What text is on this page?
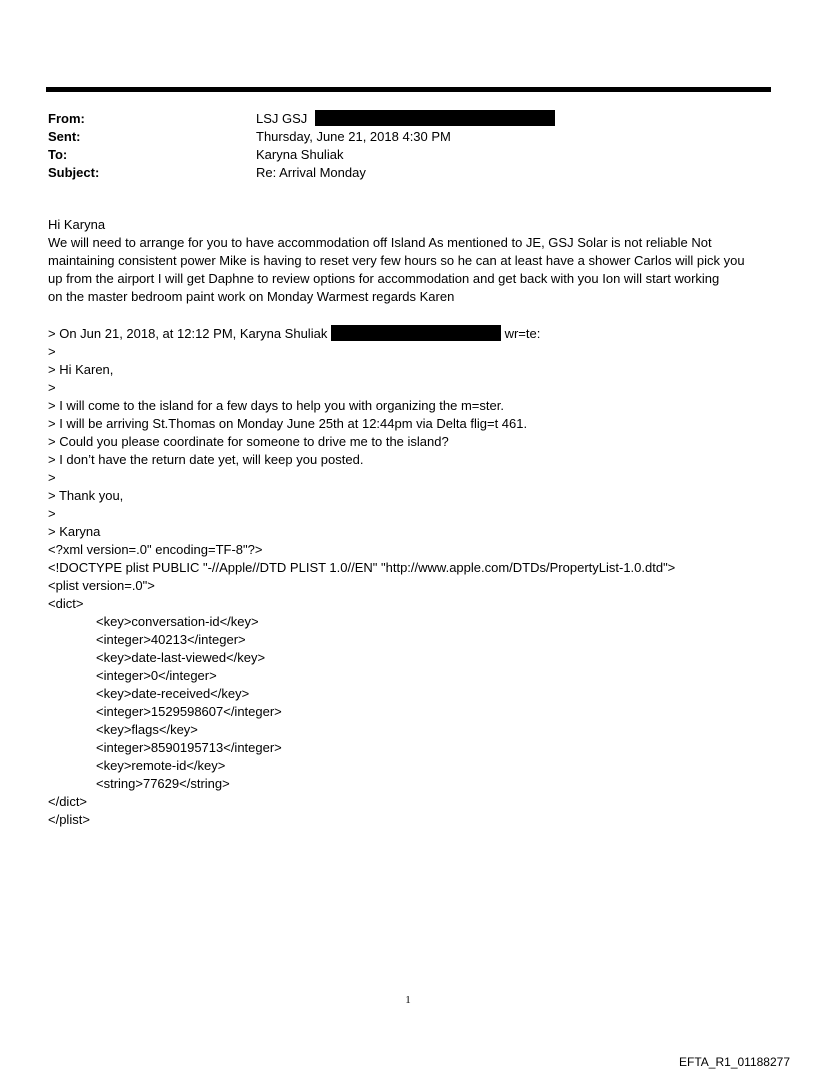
From:	LSJ GSJ
Sent:	Thursday, June 21, 2018 4:30 PM
To:	Karyna Shuliak
Subject:	Re: Arrival Monday
Hi Karyna
We will need to arrange for you to have accommodation off Island As mentioned to JE, GSJ Solar is not reliable Not
maintaining consistent power Mike is having to reset very few hours so he can at least have a shower Carlos will pick you
up from the airport I will get Daphne to review options for accommodation and get back with you Ion will start working
on the master bedroom paint work on Monday Warmest regards Karen
> On Jun 21, 2018, at 12:12 PM, Karyna Shuliak	wr=te:
>
> Hi Karen,
>
> I will come to the island for a few days to help you with organizing the m=ster.
> I will be arriving St.Thomas on Monday June 25th at 12:44pm via Delta flig=t 461.
> Could you please coordinate for someone to drive me to the island?
> I don’t have the return date yet, will keep you posted.
>
> Thank you,
>
> Karyna
<?xml version=.0" encoding=TF-8"?>
<!DOCTYPE plist PUBLIC "-//Apple//DTD PLIST 1.0//EN" "http://www.apple.com/DTDs/PropertyList-1.0.dtd">
<plist version=.0">
<dict>
<key>conversation-id</key>
<integer>40213</integer>
<key>date-last-viewed</key>
<integer>0</integer>
<key>date-received</key>
<integer>1529598607</integer>
<key>flags</key>
<integer>8590195713</integer>
<key>remote-id</key>
<string>77629</string>
</dict>
</plist>
1
EFTA_R1_01188277
